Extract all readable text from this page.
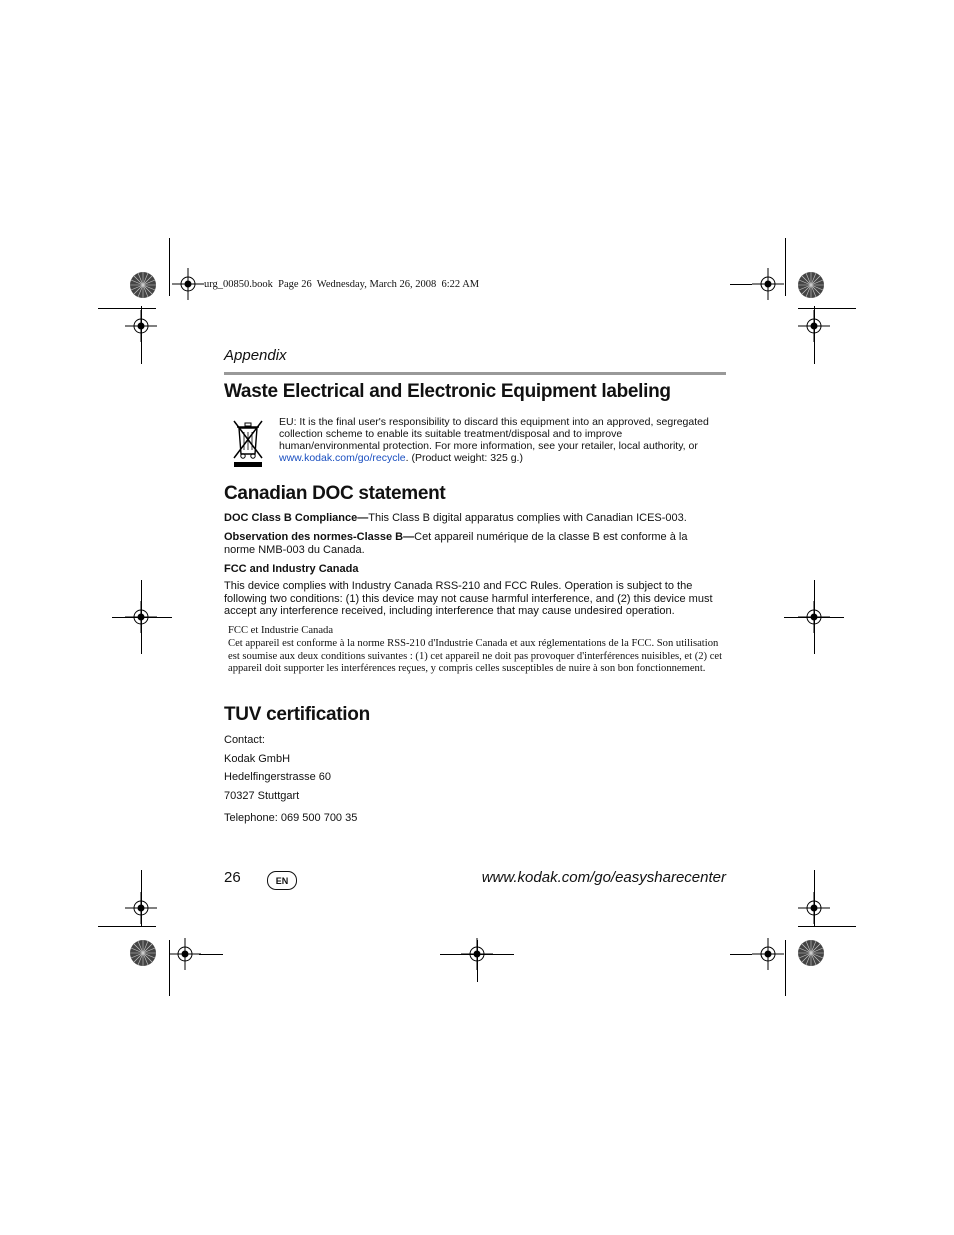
urg_00850.book  Page 26  Wednesday, March 26, 2008  6:22 AM
Appendix
Waste Electrical and Electronic Equipment labeling
EU: It is the final user's responsibility to discard this equipment into an approved, segregated collection scheme to enable its suitable treatment/disposal and to improve human/environmental protection. For more information, see your retailer, local authority, or www.kodak.com/go/recycle. (Product weight: 325 g.)
Canadian DOC statement
DOC Class B Compliance—This Class B digital apparatus complies with Canadian ICES-003.
Observation des normes-Classe B—Cet appareil numérique de la classe B est conforme à la norme NMB-003 du Canada.
FCC and Industry Canada
This device complies with Industry Canada RSS-210 and FCC Rules. Operation is subject to the following two conditions: (1) this device may not cause harmful interference, and (2) this device must accept any interference received, including interference that may cause undesired operation.
FCC et Industrie Canada
Cet appareil est conforme à la norme RSS-210 d'Industrie Canada et aux réglementations de la FCC. Son utilisation est soumise aux deux conditions suivantes : (1) cet appareil ne doit pas provoquer d'interférences nuisibles, et (2) cet appareil doit supporter les interférences reçues, y compris celles susceptibles de nuire à son bon fonctionnement.
TUV certification
Contact:
Kodak GmbH
Hedelfingerstrasse 60
70327 Stuttgart
Telephone: 069 500 700 35
26	EN	www.kodak.com/go/easysharecenter
